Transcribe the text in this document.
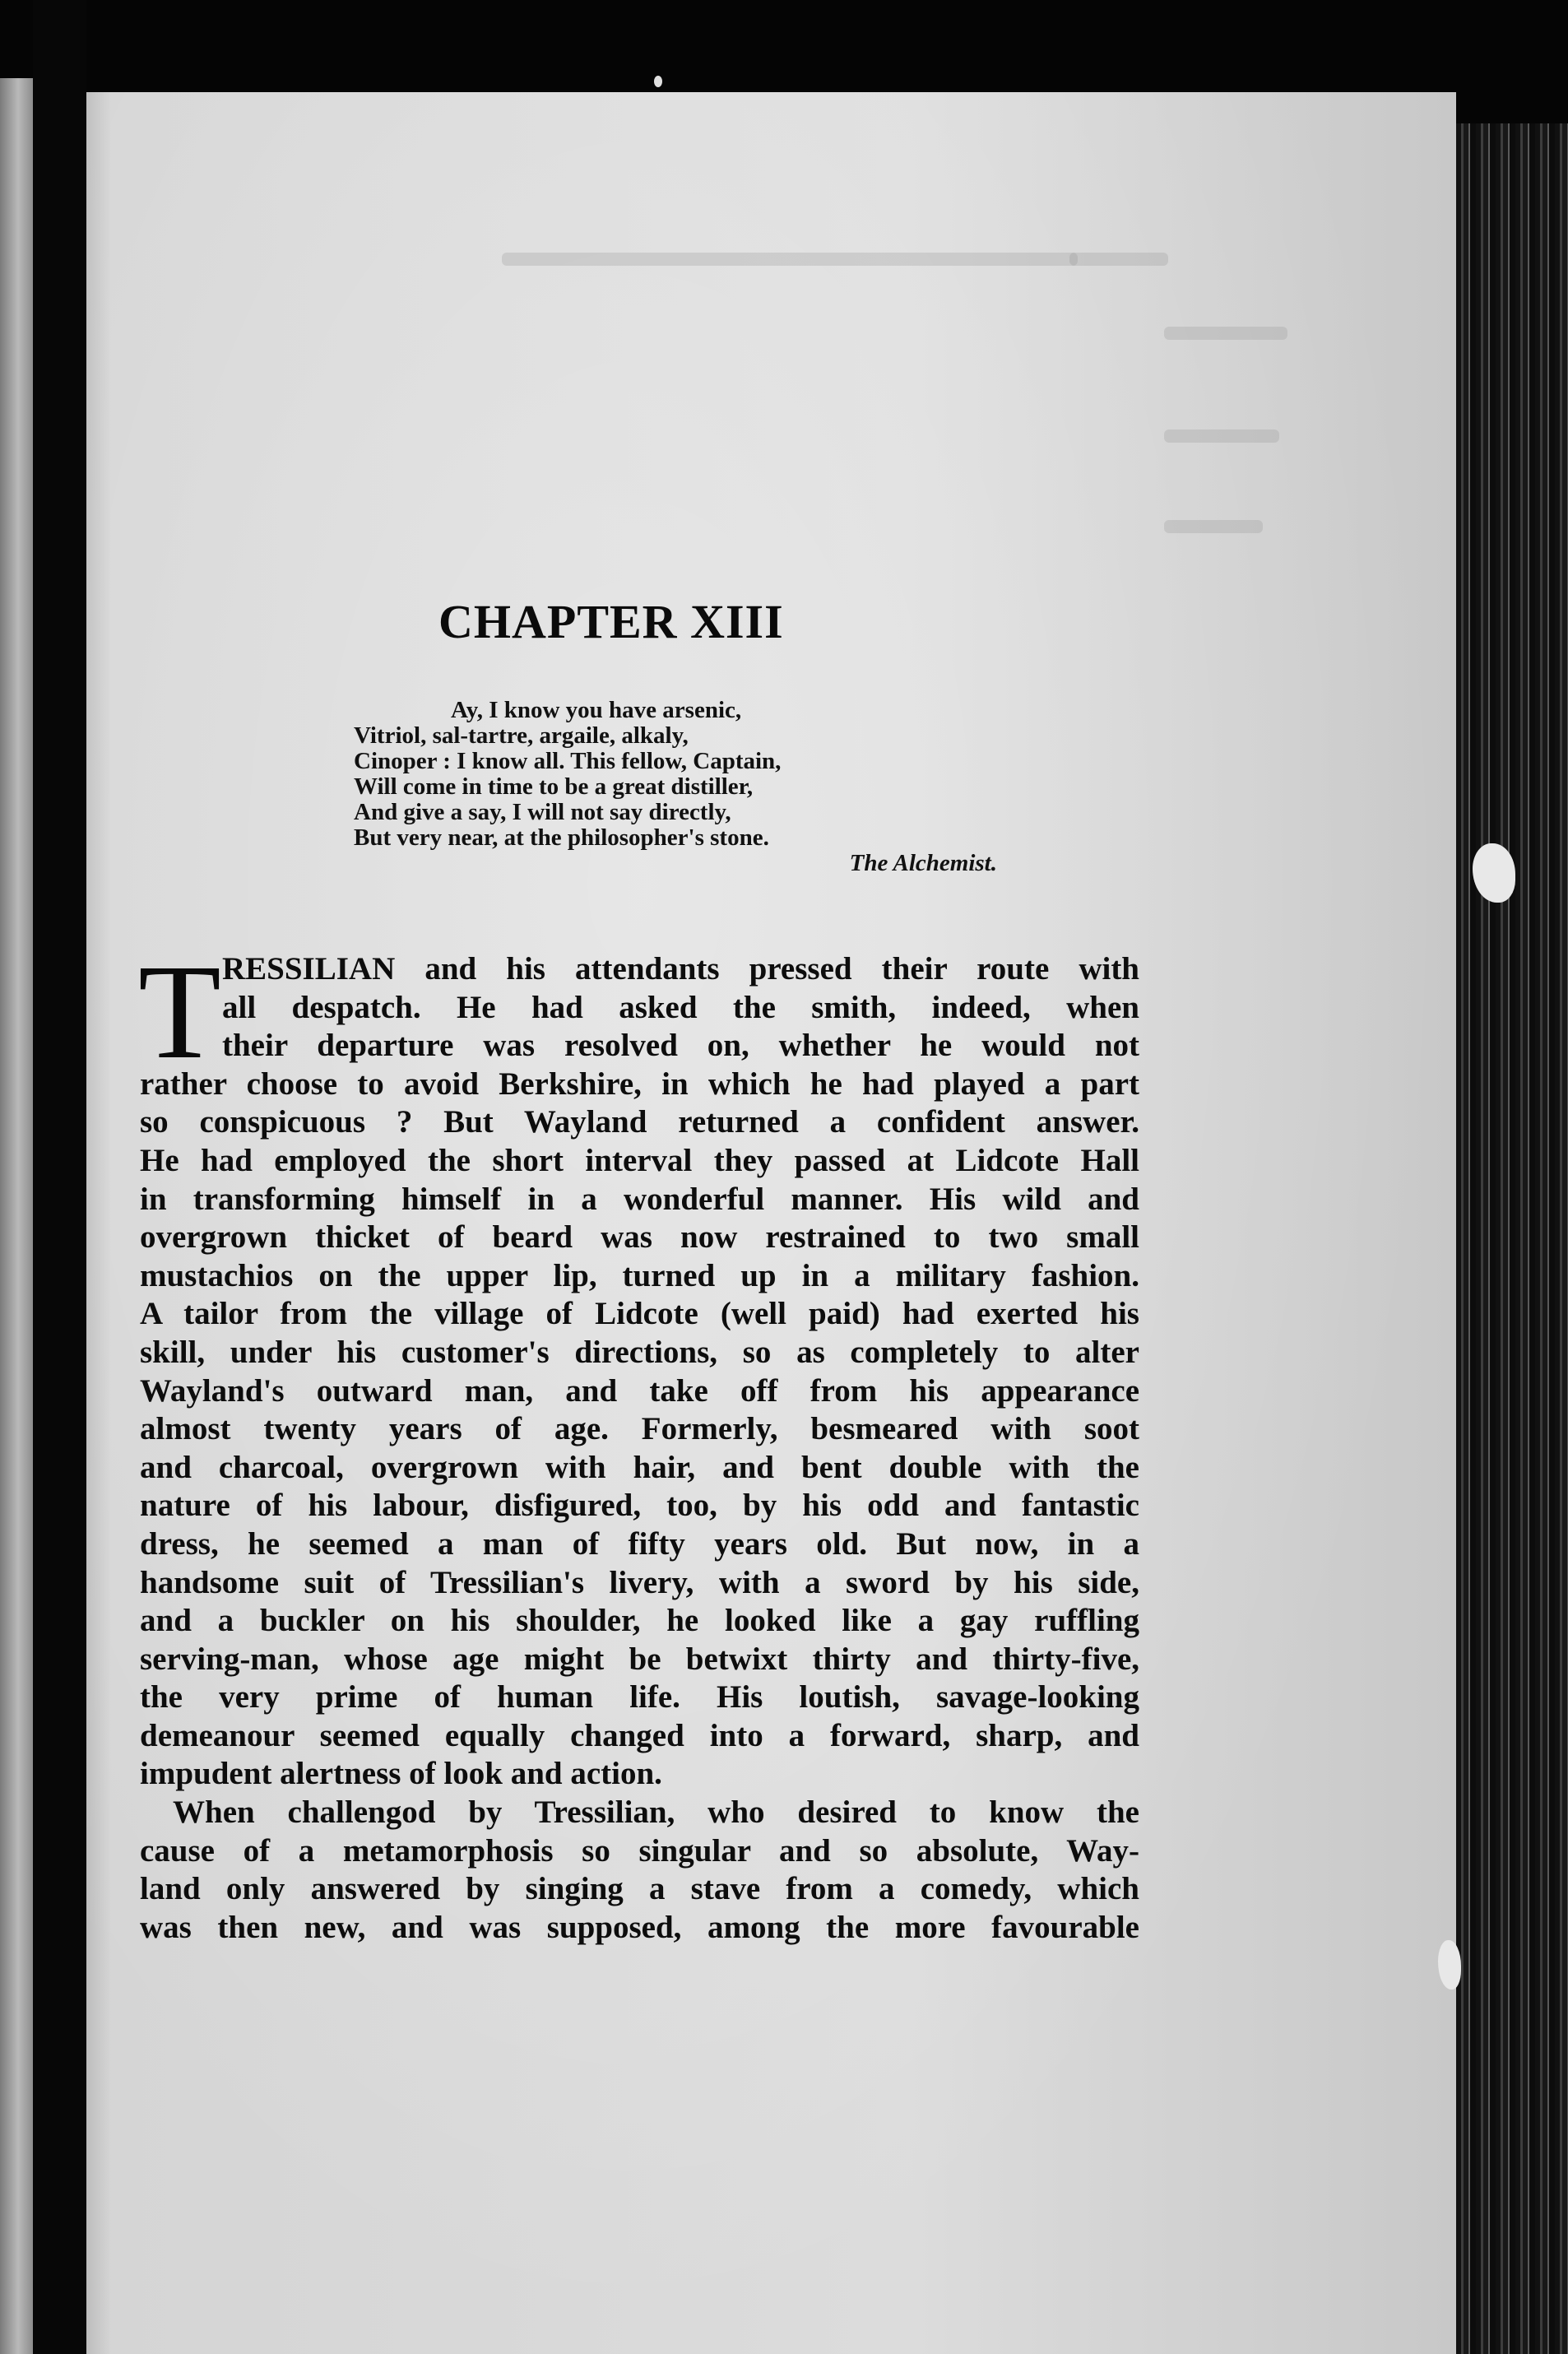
CHAPTER XIII
Ay, I know you have arsenic,
Vitriol, sal-tartre, argaile, alkaly,
Cinoper : I know all. This fellow, Captain,
Will come in time to be a great distiller,
And give a say, I will not say directly,
But very near, at the philosopher's stone.
The Alchemist.
T RESSILIAN and his attendants pressed their route with
all despatch. He had asked the smith, indeed, when
their departure was resolved on, whether he would not
rather choose to avoid Berkshire, in which he had played a part
so conspicuous ? But Wayland returned a confident answer.
He had employed the short interval they passed at Lidcote Hall
in transforming himself in a wonderful manner. His wild and
overgrown thicket of beard was now restrained to two small
mustachios on the upper lip, turned up in a military fashion.
A tailor from the village of Lidcote (well paid) had exerted his
skill, under his customer's directions, so as completely to alter
Wayland's outward man, and take off from his appearance
almost twenty years of age. Formerly, besmeared with soot
and charcoal, overgrown with hair, and bent double with the
nature of his labour, disfigured, too, by his odd and fantastic
dress, he seemed a man of fifty years old. But now, in a
handsome suit of Tressilian's livery, with a sword by his side,
and a buckler on his shoulder, he looked like a gay ruffling
serving-man, whose age might be betwixt thirty and thirty-five,
the very prime of human life. His loutish, savage-looking
demeanour seemed equally changed into a forward, sharp, and
impudent alertness of look and action.
When challengod by Tressilian, who desired to know the
cause of a metamorphosis so singular and so absolute, Way-
land only answered by singing a stave from a comedy, which
was then new, and was supposed, among the more favourable
